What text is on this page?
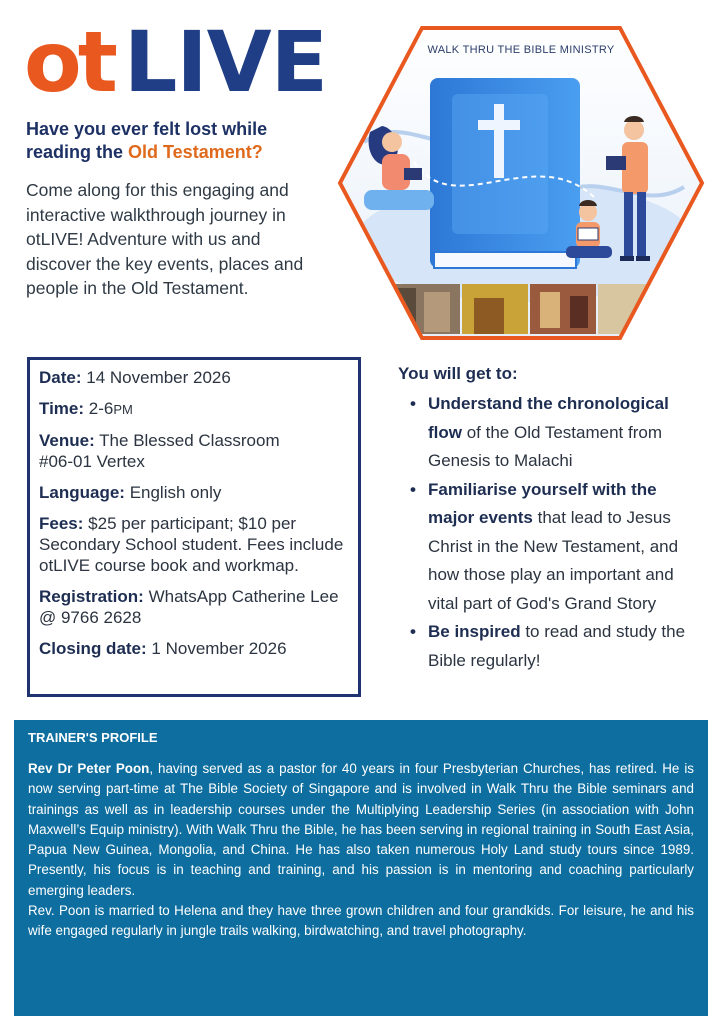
ot LIVE
Have you ever felt lost while reading the Old Testament?
Come along for this engaging and interactive walkthrough journey in otLIVE! Adventure with us and discover the key events, places and people in the Old Testament.
WALK THRU THE BIBLE MINISTRY
Date: 14 November 2026
Time: 2-6PM
Venue: The Blessed Classroom
#06-01 Vertex
Language: English only
Fees: $25 per participant; $10 per Secondary School student. Fees include otLIVE course book and workmap.
Registration: WhatsApp Catherine Lee @ 9766 2628
Closing date: 1 November 2026
You will get to:
• Understand the chronological flow of the Old Testament from Genesis to Malachi
• Familiarise yourself with the major events that lead to Jesus Christ in the New Testament, and how those play an important and vital part of God's Grand Story
• Be inspired to read and study the Bible regularly!
TRAINER'S PROFILE

Rev Dr Peter Poon, having served as a pastor for 40 years in four Presbyterian Churches, has retired. He is now serving part-time at The Bible Society of Singapore and is involved in Walk Thru the Bible seminars and trainings as well as in leadership courses under the Multiplying Leadership Series (in association with John Maxwell’s Equip ministry). With Walk Thru the Bible, he has been serving in regional training in South East Asia, Papua New Guinea, Mongolia, and China. He has also taken numerous Holy Land study tours since 1989. Presently, his focus is in teaching and training, and his passion is in mentoring and coaching particularly emerging leaders.

Rev. Poon is married to Helena and they have three grown children and four grandkids. For leisure, he and his wife engaged regularly in jungle trails walking, birdwatching, and travel photography.
